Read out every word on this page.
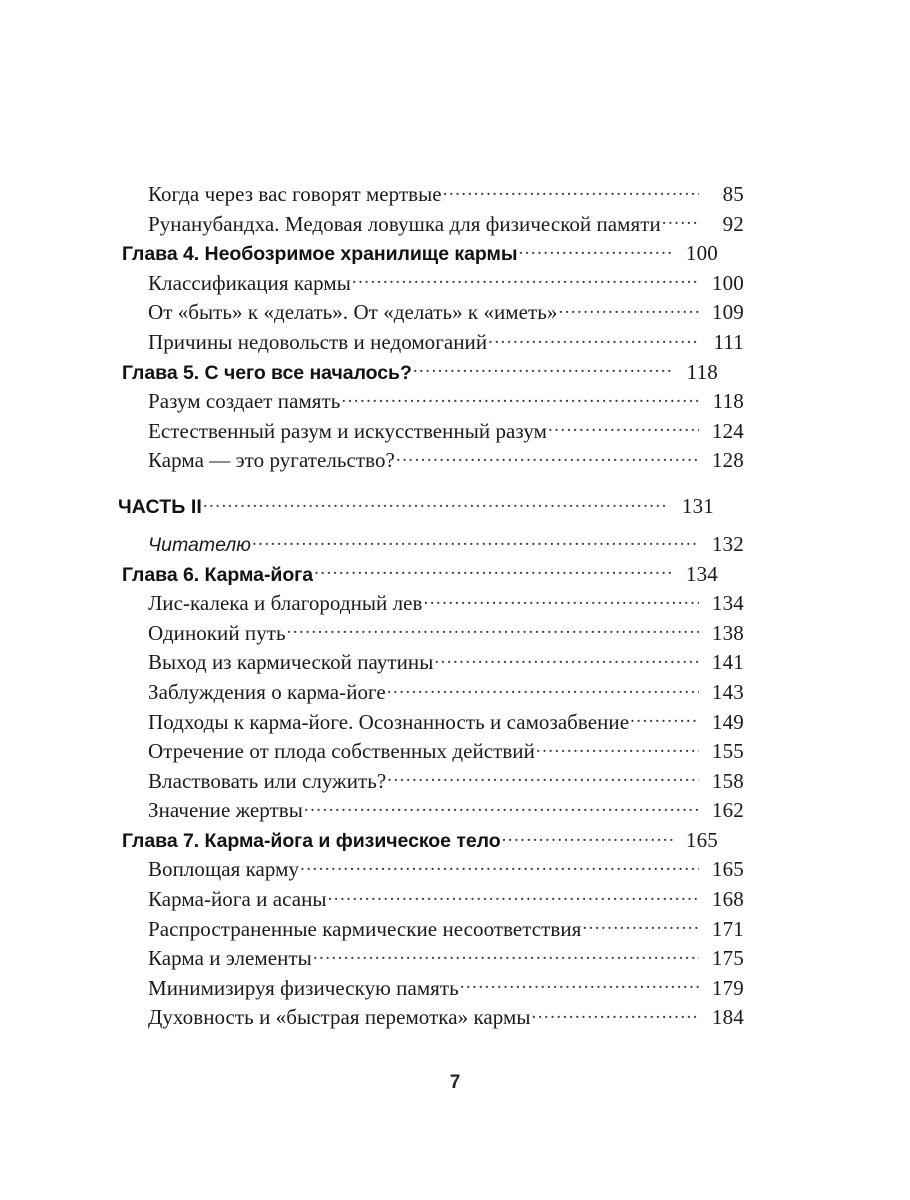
Когда через вас говорят мертвые .....	85
Рунанубандха. Медовая ловушка для физической памяти .....	92
Глава 4. Необозримое хранилище кармы .....	100
Классификация кармы .....	100
От «быть» к «делать». От «делать» к «иметь» .....	109
Причины недовольств и недомоганий .....	111
Глава 5. С чего все началось? .....	118
Разум создает память .....	118
Естественный разум и искусственный разум .....	124
Карма — это ругательство? .....	128
ЧАСТЬ II .....	131
Читателю .....	132
Глава 6. Карма-йога .....	134
Лис-калека и благородный лев .....	134
Одинокий путь .....	138
Выход из кармической паутины .....	141
Заблуждения о карма-йоге .....	143
Подходы к карма-йоге. Осознанность и самозабвение .....	149
Отречение от плода собственных действий .....	155
Властвовать или служить? .....	158
Значение жертвы .....	162
Глава 7. Карма-йога и физическое тело .....	165
Воплощая карму .....	165
Карма-йога и асаны .....	168
Распространенные кармические несоответствия .....	171
Карма и элементы .....	175
Минимизируя физическую память .....	179
Духовность и «быстрая перемотка» кармы .....	184
7
